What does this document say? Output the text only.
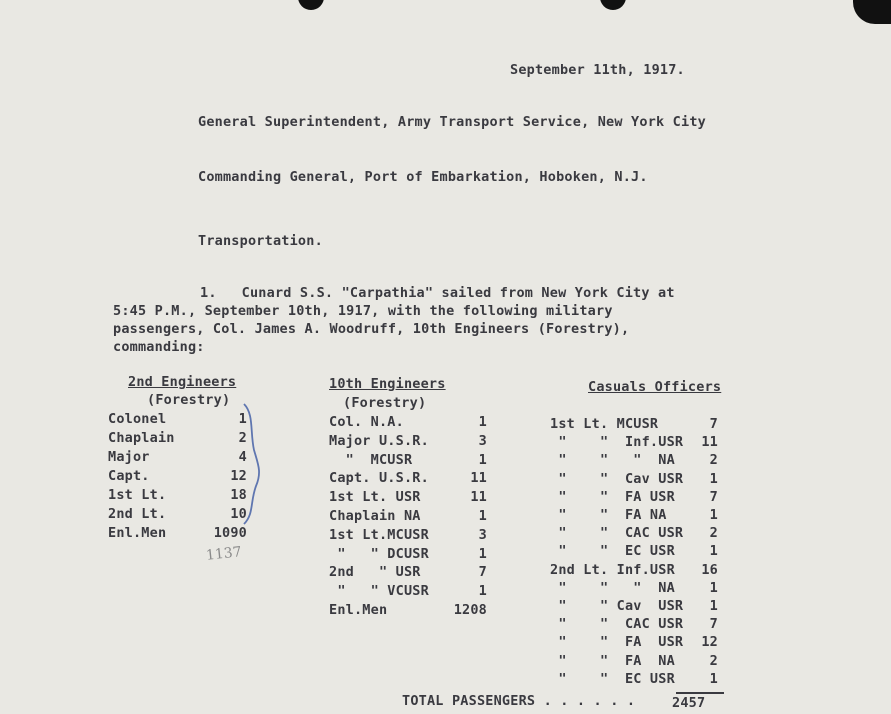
September 11th, 1917.
General Superintendent, Army Transport Service, New York City
Commanding General, Port of Embarkation, Hoboken, N.J.
Transportation.
1.   Cunard S.S. "Carpathia" sailed from New York City at
5:45 P.M., September 10th, 1917, with the following military
passengers, Col. James A. Woodruff, 10th Engineers (Forestry),
commanding:
2nd Engineers
(Forestry)
Colonel	1
Chaplain	2
Major	4
Capt.	12
1st Lt.	18
2nd Lt.	10
Enl.Men	1090
1137
10th Engineers
(Forestry)
Col. N.A.	1
Major U.S.R.	3
"  MCUSR	1
Capt. U.S.R.	11
1st Lt. USR	11
Chaplain NA	1
1st Lt.MCUSR	3
"   " DCUSR	1
2nd   " USR	7
"   " VCUSR	1
Enl.Men	1208
Casuals Officers
1st Lt. MCUSR	7
"    "  Inf.USR	11
"    "   "  NA	2
"    "  Cav USR	1
"    "  FA USR	7
"    "  FA NA	1
"    "  CAC USR	2
"    "  EC USR	1
2nd Lt. Inf.USR	16
"    "   "  NA	1
"    " Cav  USR	1
"    "  CAC USR	7
"    "  FA  USR	12
"    "  FA  NA	2
"    "  EC USR	1
TOTAL PASSENGERS . . . . . .	2457
